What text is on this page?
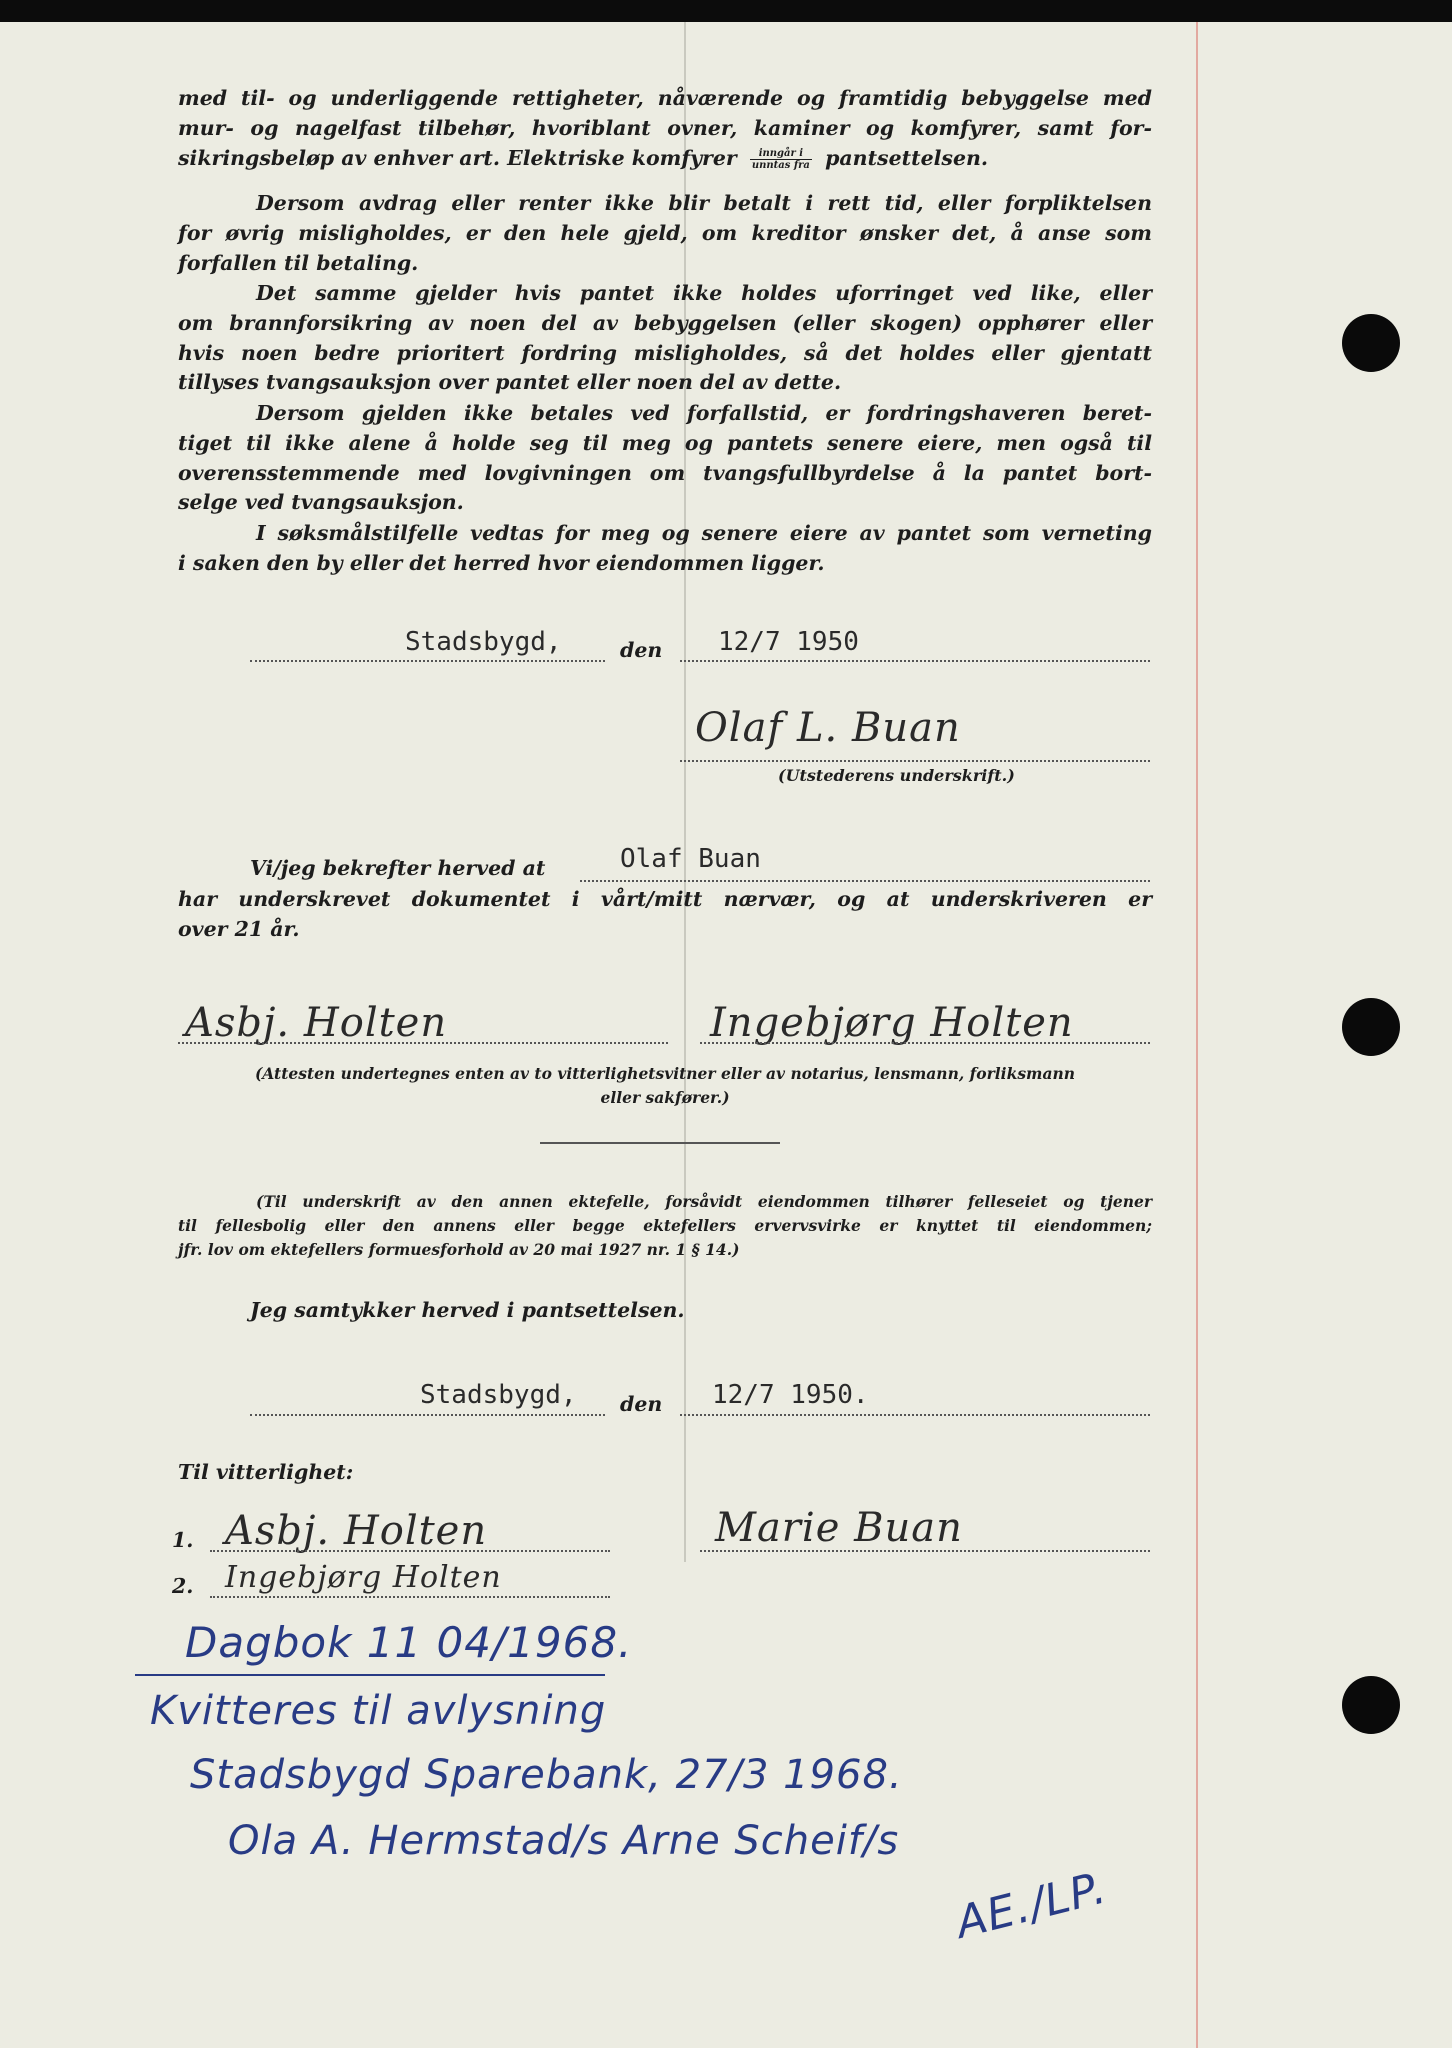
med til- og underliggende rettigheter, nåværende og framtidig bebyggelse med
mur- og nagelfast tilbehør, hvoriblant ovner, kaminer og komfyrer, samt for-
sikringsbeløp av enhver art. Elektriske komfyrer $\frac{\text{inngår i}}{\text{unntas fra}}$ pantsettelsen.
Dersom avdrag eller renter ikke blir betalt i rett tid, eller forpliktelsen
for øvrig misligholdes, er den hele gjeld, om kreditor ønsker det, å anse som
forfallen til betaling.
Det samme gjelder hvis pantet ikke holdes uforringet ved like, eller
om brannforsikring av noen del av bebyggelsen (eller skogen) opphører eller
hvis noen bedre prioritert fordring misligholdes, så det holdes eller gjentatt
tillyses tvangsauksjon over pantet eller noen del av dette.
Dersom gjelden ikke betales ved forfallstid, er fordringshaveren beret-
tiget til ikke alene å holde seg til meg og pantets senere eiere, men også til
overensstemmende med lovgivningen om tvangsfullbyrdelse å la pantet bort-
selge ved tvangsauksjon.
I søksmålstilfelle vedtas for meg og senere eiere av pantet som verneting
i saken den by eller det herred hvor eiendommen ligger.
Stadsbygd,	den 12/7 1950
Olaf L. Buan
(Utstederens underskrift.)
Vi/jeg bekrefter herved at	Olaf Buan
har underskrevet dokumentet i vårt/mitt nærvær, og at underskriveren er
over 21 år.
Asbj. Holten	Ingebjørg Holten
(Attesten undertegnes enten av to vitterlighetsvitner eller av notarius, lensmann, forliksmann
eller sakfører.)
(Til underskrift av den annen ektefelle, forsåvidt eiendommen tilhører felleseiet og tjener
til fellesbolig eller den annens eller begge ektefellers ervervsvirke er knyttet til eiendommen;
jfr. lov om ektefellers formuesforhold av 20 mai 1927 nr. 1 § 14.)
Jeg samtykker herved i pantsettelsen.
Stadsbygd, den 12/7 1950.
Til vitterlighet:
1. Asbj. Holten
2. Ingebjørg Holten
Marie Buan
Dagbok 11 04/1968.
Kvitteres til avlysning
Stadsbygd Sparebank, 27/3 1968.
Ola A. Hermstad/s Arne Scheif/s
AE./LP.
